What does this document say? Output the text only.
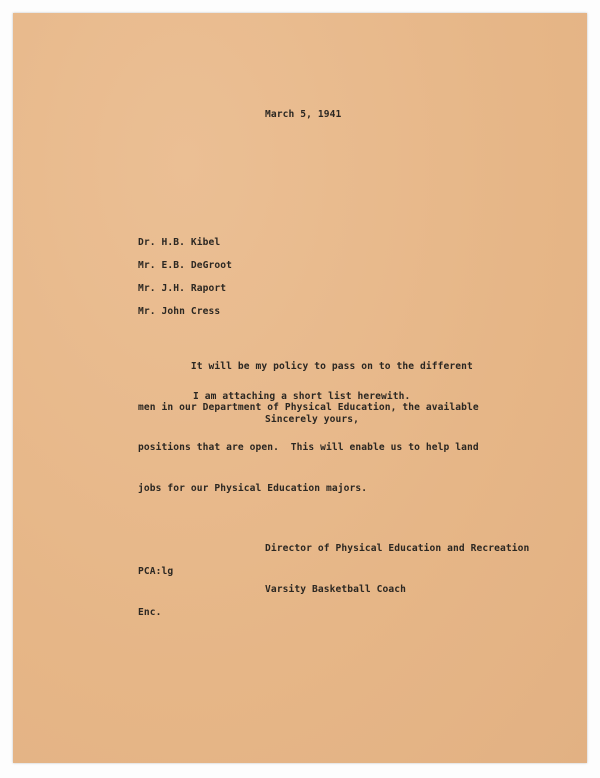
March 5, 1941
Dr. H.B. Kibel
Mr. E.B. DeGroot
Mr. J.H. Raport
Mr. John Cress

It will be my policy to pass on to the different

men in our Department of Physical Education, the available

positions that are open.  This will enable us to help land

jobs for our Physical Education majors.

I am attaching a short list herewith.
Sincerely yours,

Director of Physical Education and Recreation

Varsity Basketball Coach

PCA:lg

Enc.
